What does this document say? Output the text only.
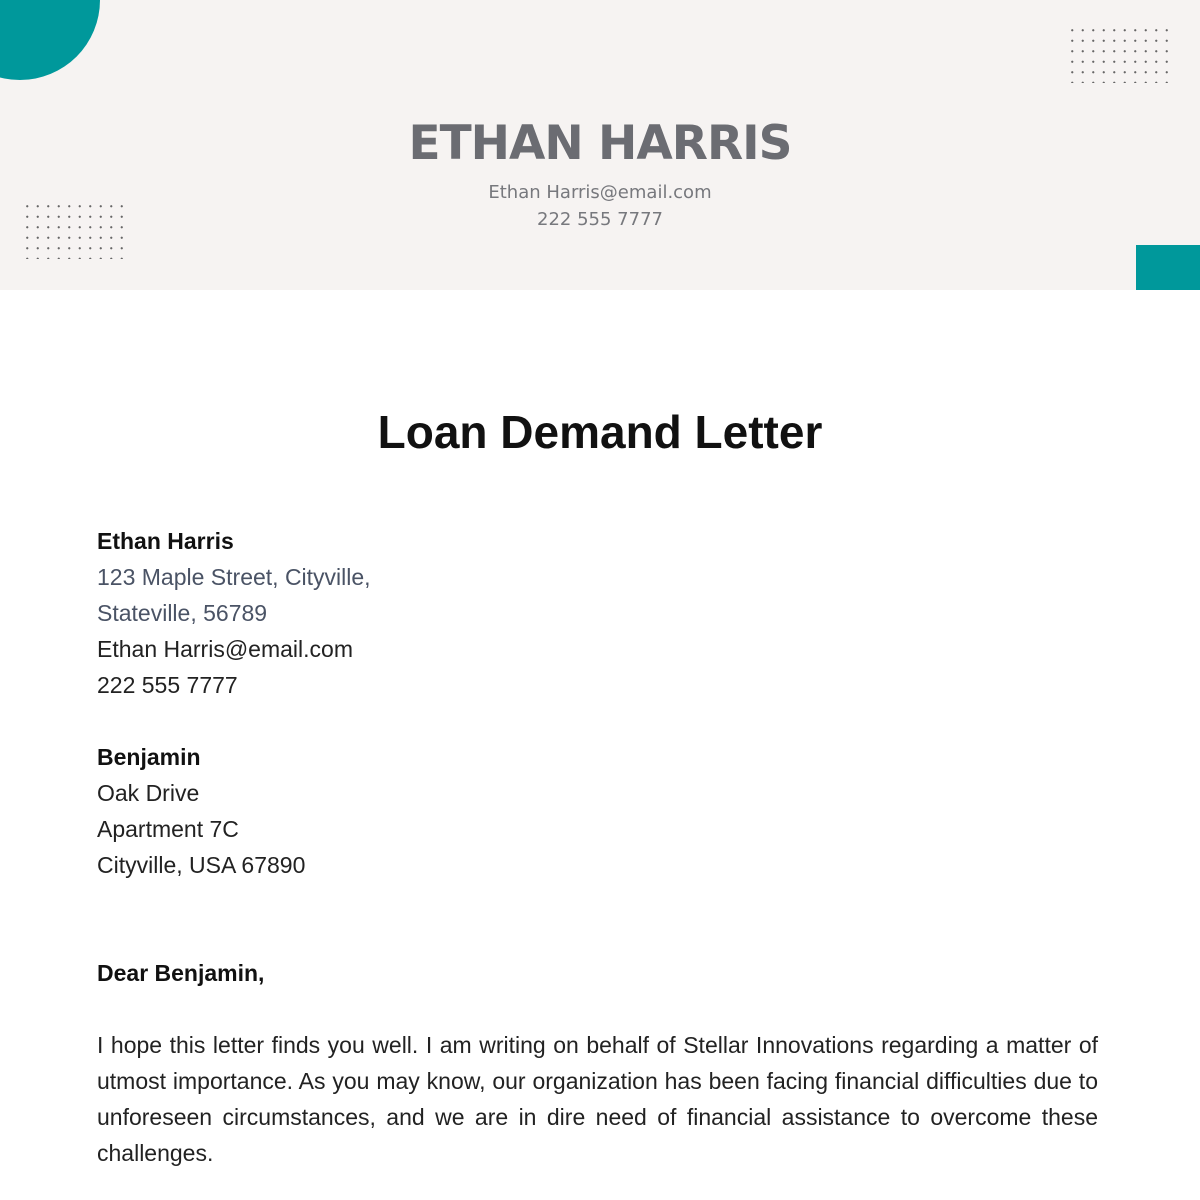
ETHAN HARRIS
Ethan Harris@email.com
222 555 7777
Loan Demand Letter
Ethan Harris
123 Maple Street, Cityville,
Stateville, 56789
Ethan Harris@email.com
222 555 7777
Benjamin
Oak Drive
Apartment 7C
Cityville, USA 67890
Dear Benjamin,
I hope this letter finds you well. I am writing on behalf of Stellar Innovations regarding a matter of utmost importance. As you may know, our organization has been facing financial difficulties due to unforeseen circumstances, and we are in dire need of financial assistance to overcome these challenges.
